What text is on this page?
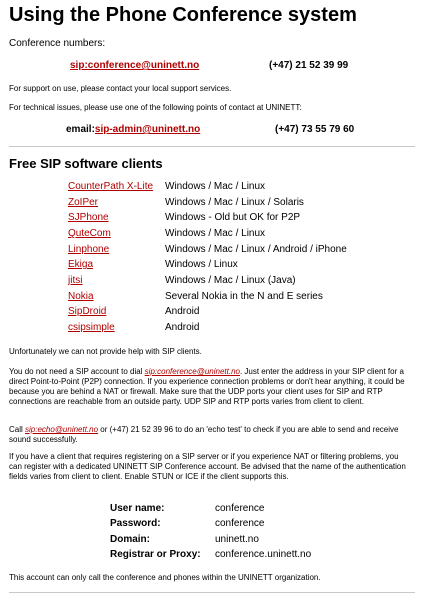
Using the Phone Conference system

Conference numbers:

sip:conference@uninett.no	(+47) 21 52 39 99

For support on use, please contact your local support services.

For technical issues, please use one of the following points of contact at UNINETT:

email:sip-admin@uninett.no	(+47) 73 55 79 60
Free SIP software clients
CounterPath X-Lite Windows / Mac / Linux
ZoIPer	Windows / Mac / Linux / Solaris
SJPhone	Windows - Old but OK for P2P
QuteCom	Windows / Mac / Linux
Linphone	Windows / Mac / Linux / Android / iPhone
Ekiga	Windows / Linux
jitsi	Windows / Mac / Linux (Java)
Nokia	Several Nokia in the N and E series
SipDroid	Android
csipsimple	Android

Unfortunately we can not provide help with SIP clients.

You do not need a SIP account to dial sip:conference@uninett.no. Just enter the address in your SIP client for a direct Point-to-Point (P2P) connection. If you experience connection problems or don't hear anything, it could be because you are behind a NAT or firewall. Make sure that the UDP ports your client uses for SIP and RTP connections are reachable from an outside party. UDP SIP and RTP ports varies from client to client.

Call sip:echo@uninett.no or (+47) 21 52 39 96 to do an 'echo test' to check if you are able to send and receive sound successfully.

If you have a client that requires registering on a SIP server or if you experience NAT or filtering problems, you can register with a dedicated UNINETT SIP Conference account. Be advised that the name of the authentication fields varies from client to client. Enable STUN or ICE if the client supports this.

User name:	conference
Password:	conference
Domain:	uninett.no
Registrar or Proxy: conference.uninett.no

This account can only call the conference and phones within the UNINETT organization.
